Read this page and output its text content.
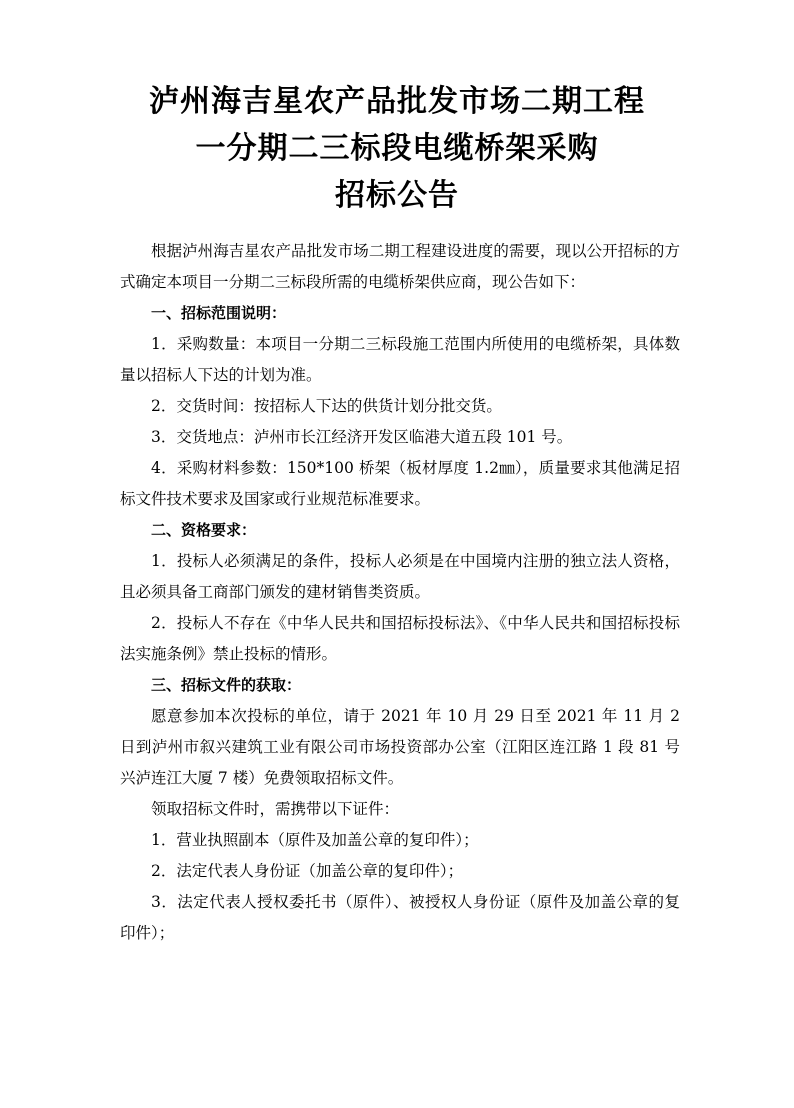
泸州海吉星农产品批发市场二期工程
一分期二三标段电缆桥架采购
招标公告

根据泸州海吉星农产品批发市场二期工程建设进度的需要，现以公开招标的方式确定本项目一分期二三标段所需的电缆桥架供应商，现公告如下：

一、招标范围说明：

1．采购数量：本项目一分期二三标段施工范围内所使用的电缆桥架，具体数量以招标人下达的计划为准。

2．交货时间：按招标人下达的供货计划分批交货。

3．交货地点：泸州市长江经济开发区临港大道五段 101 号。

4．采购材料参数：150*100 桥架（板材厚度 1.2㎜），质量要求其他满足招标文件技术要求及国家或行业规范标准要求。

二、资格要求：

1．投标人必须满足的条件，投标人必须是在中国境内注册的独立法人资格，且必须具备工商部门颁发的建材销售类资质。

2．投标人不存在《中华人民共和国招标投标法》、《中华人民共和国招标投标法实施条例》禁止投标的情形。

三、招标文件的获取：

愿意参加本次投标的单位，请于 2021 年 10 月 29 日至 2021 年 11 月 2 日到泸州市叙兴建筑工业有限公司市场投资部办公室（江阳区连江路 1 段 81 号兴泸连江大厦 7 楼）免费领取招标文件。

领取招标文件时，需携带以下证件：

1．营业执照副本（原件及加盖公章的复印件）；

2．法定代表人身份证（加盖公章的复印件）；

3．法定代表人授权委托书（原件）、被授权人身份证（原件及加盖公章的复印件）；
